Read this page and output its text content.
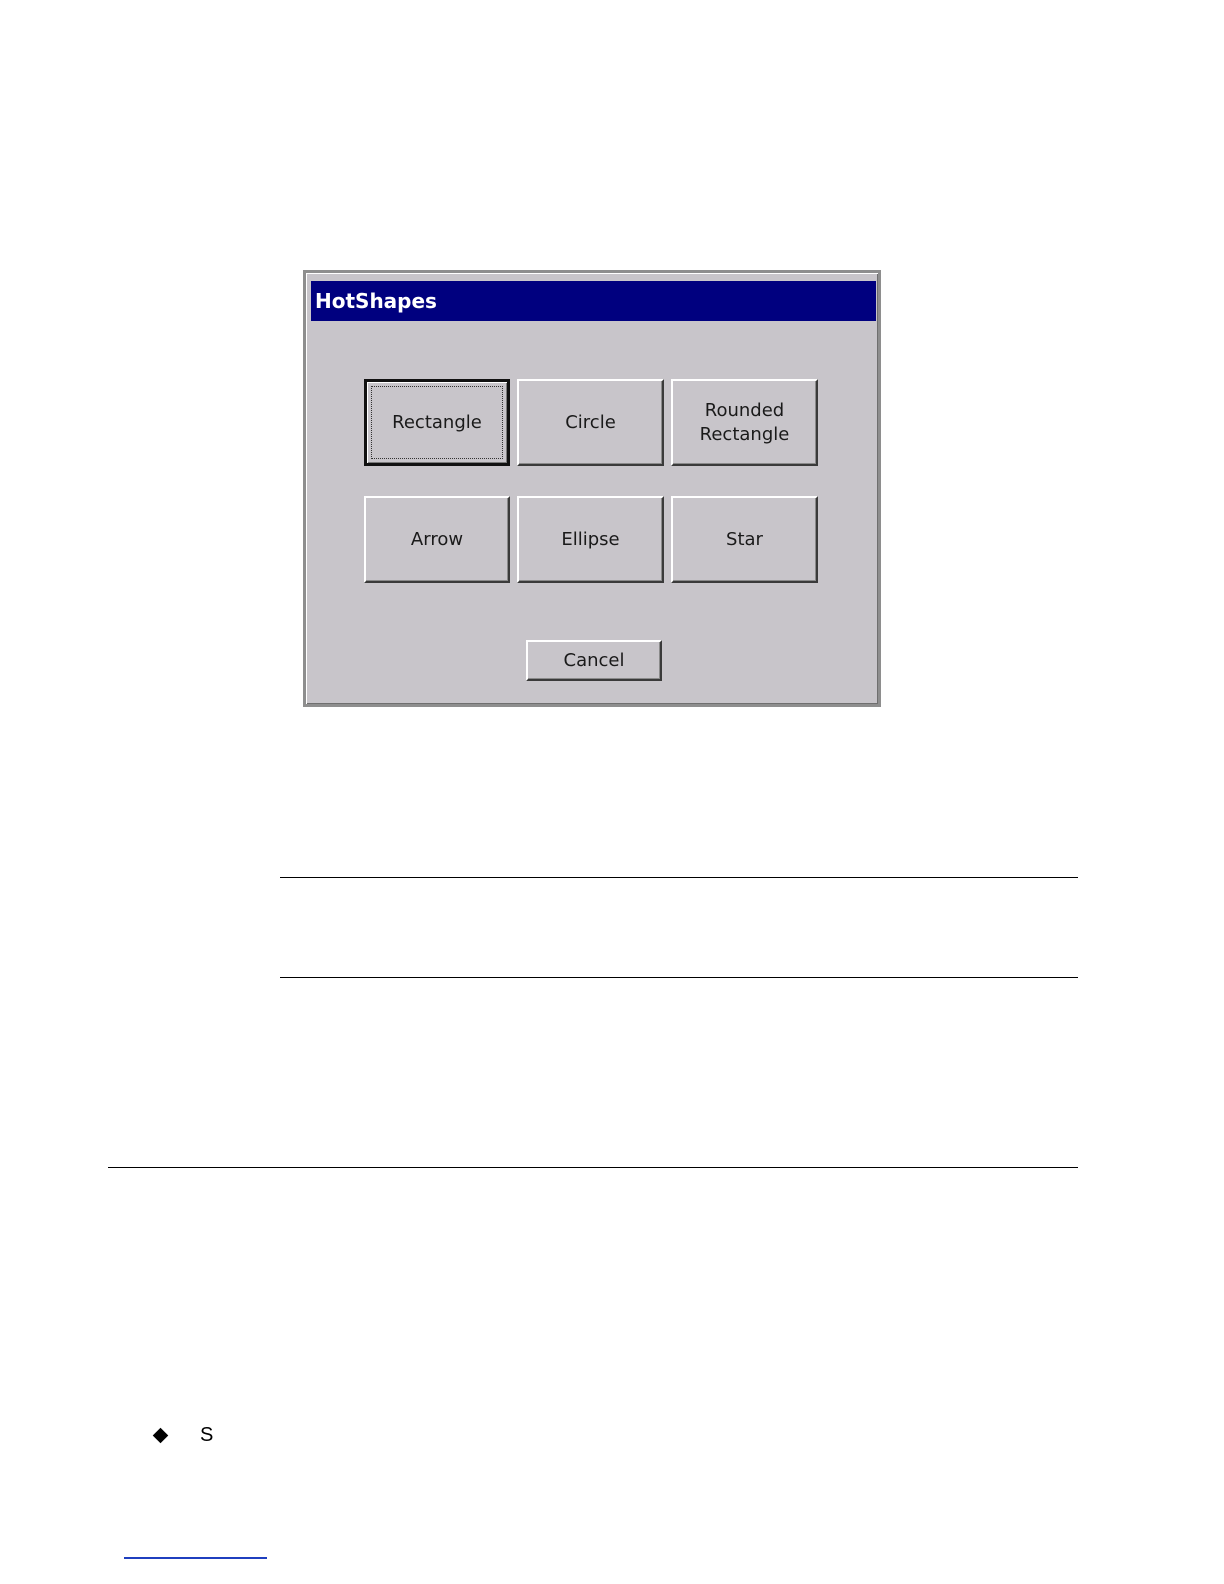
HotShapes
Rectangle	Circle
Rounded
Rectangle
Arrow	Ellipse	Star
Cancel
S
